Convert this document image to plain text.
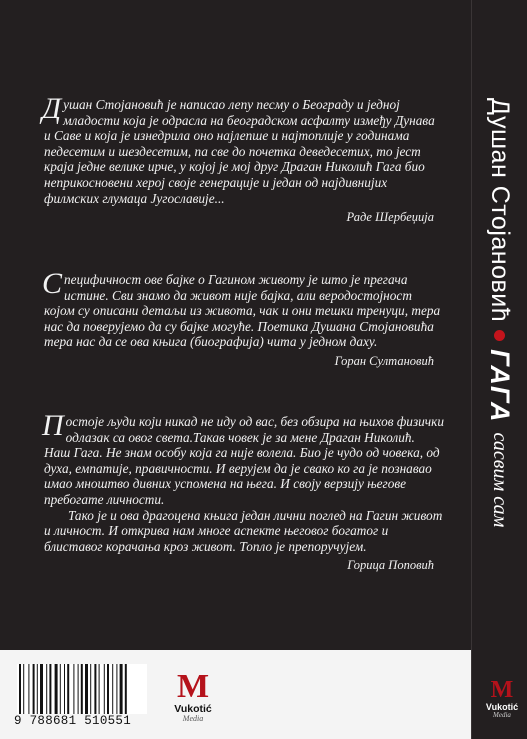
Душан Стојановић је написао лепу песму о Београду и једној младости која је одрасла на београдском асфалту између Дунава и Саве и која је изнедрила оно најлепше и најтоплије у годинама педесетим и шездесетим, па све до почетка деведесетих, то јест краја једне велике ирче, у којој је мој друг Драган Николић Гага био неприкосновени херој своје генерације и један од најдивнијих филмских глумаца Југославије...

Раде Шербеџија

Специфичност ове бајке о Гагином животу је што је прегача истине. Сви знамо да живот није бајка, али веродостојност којом су описани детаљи из живота, чак и они тешки тренуци, тера нас да поверујемо да су бајке могуће. Поетика Душана Стојановића тера нас да се ова књига (биографија) чита у једном даху.

Горан Султановић

Постоје људи који никад не иду од вас, без обзира на њихов физички одлазак са овог света.Такав човек је за мене Драган Николић. Наш Гага. Не знам особу која га није волела. Био је чудо од човека, од духа, емпатије, правичности. И верујем да је свако ко га је познавао имао мноштво дивних успомена на њега. И своју верзију његове пребогате личности.

Тако је и ова драгоцена књига један лични поглед на Гагин живот и личност. И открива нам многе аспекте његовог богатог и блиставог корачања кроз живот. Топло је препоручујем.

Горица Поповић
Душан Стојановић
ГАГА
сасвим сам
M
Vukotić
Media
9 788681 510551
M
Vukotić
Media
